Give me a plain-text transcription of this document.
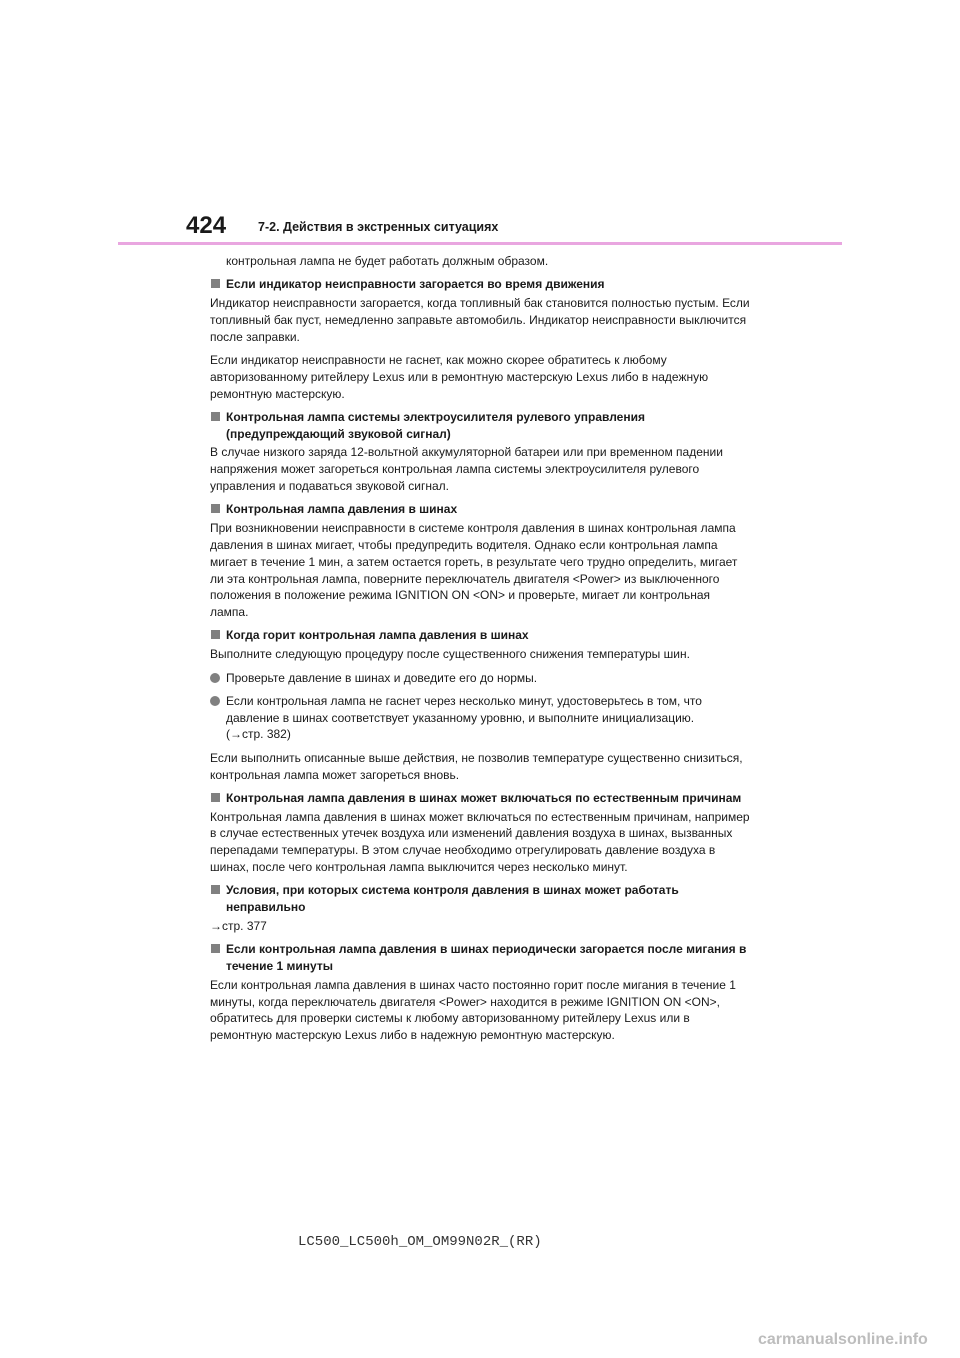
424	7-2. Действия в экстренных ситуациях

контрольная лампа не будет работать должным образом.

Если индикатор неисправности загорается во время движения

Индикатор неисправности загорается, когда топливный бак становится полностью пустым. Если топливный бак пуст, немедленно заправьте автомобиль. Индикатор неисправности выключится после заправки.

Если индикатор неисправности не гаснет, как можно скорее обратитесь к любому авторизованному ритейлеру Lexus или в ремонтную мастерскую Lexus либо в надежную ремонтную мастерскую.

Контрольная лампа системы электроусилителя рулевого управления (предупреждающий звуковой сигнал)

В случае низкого заряда 12-вольтной аккумуляторной батареи или при временном падении напряжения может загореться контрольная лампа системы электроусилителя рулевого управления и подаваться звуковой сигнал.

Контрольная лампа давления в шинах

При возникновении неисправности в системе контроля давления в шинах контрольная лампа давления в шинах мигает, чтобы предупредить водителя. Однако если контрольная лампа мигает в течение 1 мин, а затем остается гореть, в результате чего трудно определить, мигает ли эта контрольная лампа, поверните переключатель двигателя <Power> из выключенного положения в положение режима IGNITION ON <ON> и проверьте, мигает ли контрольная лампа.

Когда горит контрольная лампа давления в шинах

Выполните следующую процедуру после существенного снижения температуры шин.

Проверьте давление в шинах и доведите его до нормы.
Если контрольная лампа не гаснет через несколько минут, удостоверьтесь в том, что давление в шинах соответствует указанному уровню, и выполните инициализацию.
(→стр. 382)

Если выполнить описанные выше действия, не позволив температуре существенно снизиться, контрольная лампа может загореться вновь.

Контрольная лампа давления в шинах может включаться по естественным причинам

Контрольная лампа давления в шинах может включаться по естественным причинам, например в случае естественных утечек воздуха или изменений давления воздуха в шинах, вызванных перепадами температуры. В этом случае необходимо отрегулировать давление воздуха в шинах, после чего контрольная лампа выключится через несколько минут.

Условия, при которых система контроля давления в шинах может работать неправильно

→стр. 377

Если контрольная лампа давления в шинах периодически загорается после мигания в течение 1 минуты

Если контрольная лампа давления в шинах часто постоянно горит после мигания в течение 1 минуты, когда переключатель двигателя <Power> находится в режиме IGNITION ON <ON>, обратитесь для проверки системы к любому авторизованному ритейлеру Lexus или в ремонтную мастерскую Lexus либо в надежную ремонтную мастерскую.

LC500_LC500h_OM_OM99N02R_(RR)
carmanualsonline.info
